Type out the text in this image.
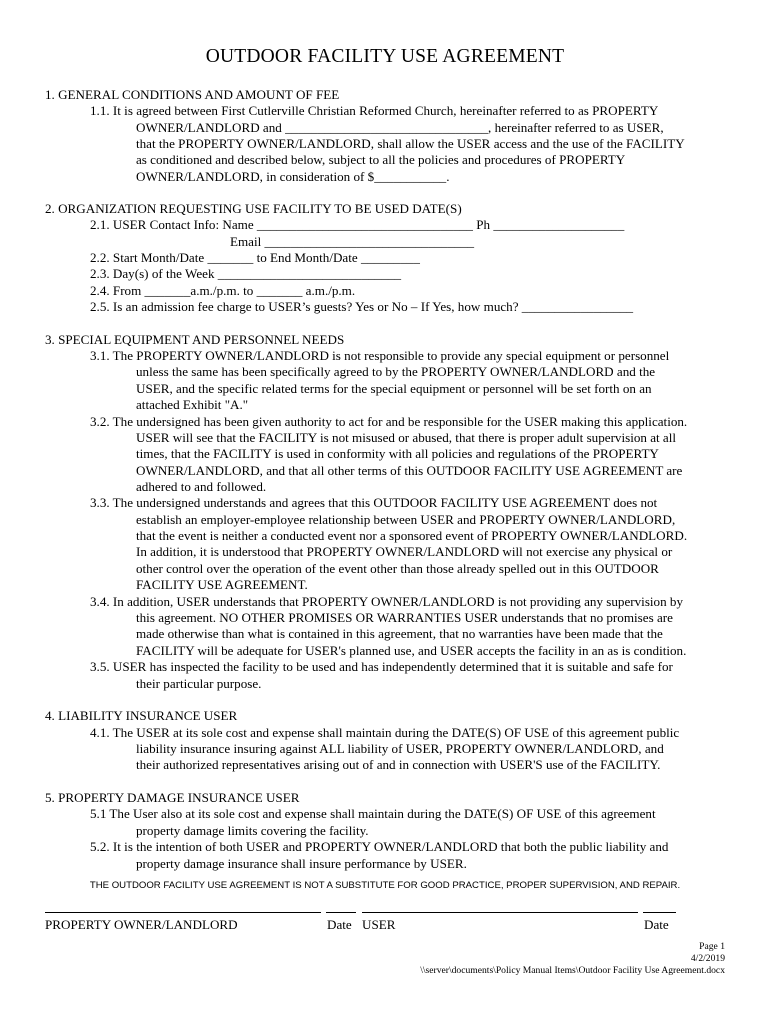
OUTDOOR FACILITY USE AGREEMENT
1. GENERAL CONDITIONS AND AMOUNT OF FEE
1.1. It is agreed between First Cutlerville Christian Reformed Church, hereinafter referred to as PROPERTY
OWNER/LANDLORD and _______________________________, hereinafter referred to as USER,
that the PROPERTY OWNER/LANDLORD, shall allow the USER access and the use of the FACILITY
as conditioned and described below, subject to all the policies and procedures of PROPERTY
OWNER/LANDLORD, in consideration of $___________.
2. ORGANIZATION REQUESTING USE FACILITY TO BE USED DATE(S)
2.1. USER Contact Info: Name _________________________________ Ph ____________________
Email ________________________________
2.2. Start Month/Date _______ to End Month/Date _________
2.3. Day(s) of the Week ____________________________
2.4. From _______a.m./p.m. to _______ a.m./p.m.
2.5. Is an admission fee charge to USER’s guests? Yes or No – If Yes, how much? _________________
3. SPECIAL EQUIPMENT AND PERSONNEL NEEDS
3.1. The PROPERTY OWNER/LANDLORD is not responsible to provide any special equipment or personnel
unless the same has been specifically agreed to by the PROPERTY OWNER/LANDLORD and the
USER, and the specific related terms for the special equipment or personnel will be set forth on an
attached Exhibit "A."
3.2. The undersigned has been given authority to act for and be responsible for the USER making this application.
USER will see that the FACILITY is not misused or abused, that there is proper adult supervision at all
times, that the FACILITY is used in conformity with all policies and regulations of the PROPERTY
OWNER/LANDLORD, and that all other terms of this OUTDOOR FACILITY USE AGREEMENT are
adhered to and followed.
3.3. The undersigned understands and agrees that this OUTDOOR FACILITY USE AGREEMENT does not
establish an employer-employee relationship between USER and PROPERTY OWNER/LANDLORD,
that the event is neither a conducted event nor a sponsored event of PROPERTY OWNER/LANDLORD.
In addition, it is understood that PROPERTY OWNER/LANDLORD will not exercise any physical or
other control over the operation of the event other than those already spelled out in this OUTDOOR
FACILITY USE AGREEMENT.
3.4. In addition, USER understands that PROPERTY OWNER/LANDLORD is not providing any supervision by
this agreement. NO OTHER PROMISES OR WARRANTIES USER understands that no promises are
made otherwise than what is contained in this agreement, that no warranties have been made that the
FACILITY will be adequate for USER's planned use, and USER accepts the facility in an as is condition.
3.5. USER has inspected the facility to be used and has independently determined that it is suitable and safe for
their particular purpose.
4. LIABILITY INSURANCE USER
4.1. The USER at its sole cost and expense shall maintain during the DATE(S) OF USE of this agreement public
liability insurance insuring against ALL liability of USER, PROPERTY OWNER/LANDLORD, and
their authorized representatives arising out of and in connection with USER'S use of the FACILITY.
5. PROPERTY DAMAGE INSURANCE USER
5.1 The User also at its sole cost and expense shall maintain during the DATE(S) OF USE of this agreement
property damage limits covering the facility.
5.2. It is the intention of both USER and PROPERTY OWNER/LANDLORD that both the public liability and
property damage insurance shall insure performance by USER.
THE OUTDOOR FACILITY USE AGREEMENT IS NOT A SUBSTITUTE FOR GOOD PRACTICE, PROPER SUPERVISION, AND REPAIR.
PROPERTY OWNER/LANDLORD	Date USER	Date
Page 1
4/2/2019
\\server\documents\Policy Manual Items\Outdoor Facility Use Agreement.docx
